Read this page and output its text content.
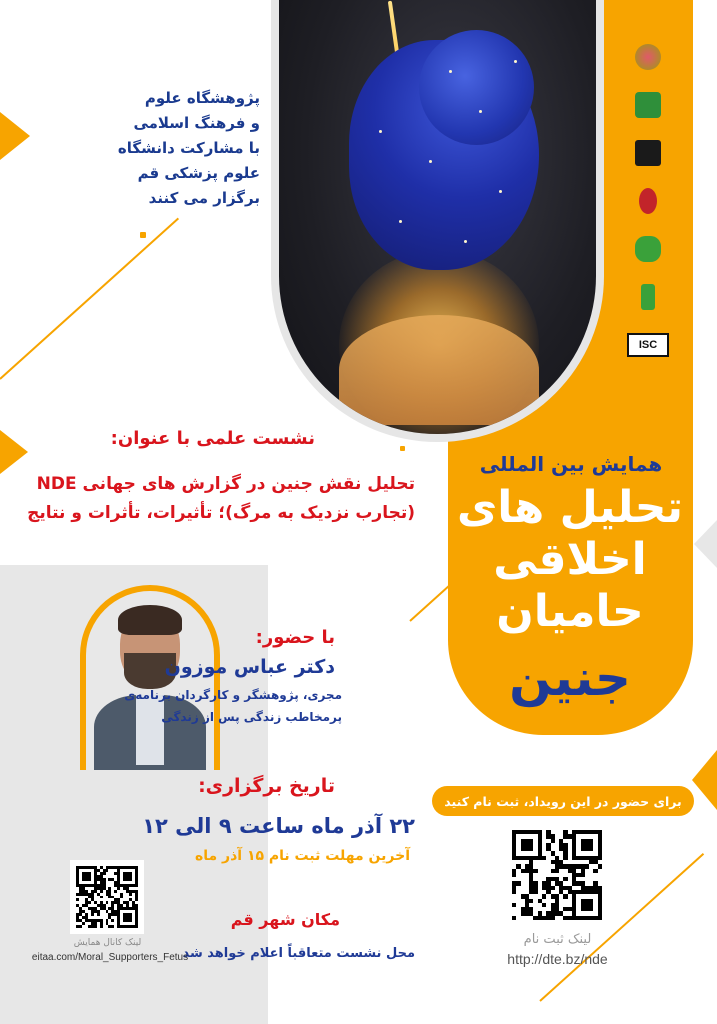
پژوهشگاه علوم
و فرهنگ اسلامی
با مشارکت دانشگاه
علوم پزشکی قم
برگزار می کنند
ISC
همایش بین المللی
تحلیل های
اخلاقی
حامیان
جنین
نشست علمی با عنوان:
تحلیل نقش جنین در گزارش های جهانی NDE
(تجارب نزدیک به مرگ)؛ تأثیرات، تأثرات و نتایج
با حضور:
دکتر عباس موزون
مجری، پژوهشگر و کارگردان برنامه‌ی
پرمخاطب زندگی پس از زندگی
تاریخ برگزاری:
۲۲ آذر ماه ساعت ۹ الی ۱۲
آخرین مهلت ثبت نام ۱۵ آذر ماه
مکان شهر قم
محل نشست متعاقباً اعلام خواهد شد
برای حضور در این رویداد، ثبت نام کنید
لینک ثبت نام
http://dte.bz/nde
لینک کانال همایش
eitaa.com/Moral_Supporters_Fetus
